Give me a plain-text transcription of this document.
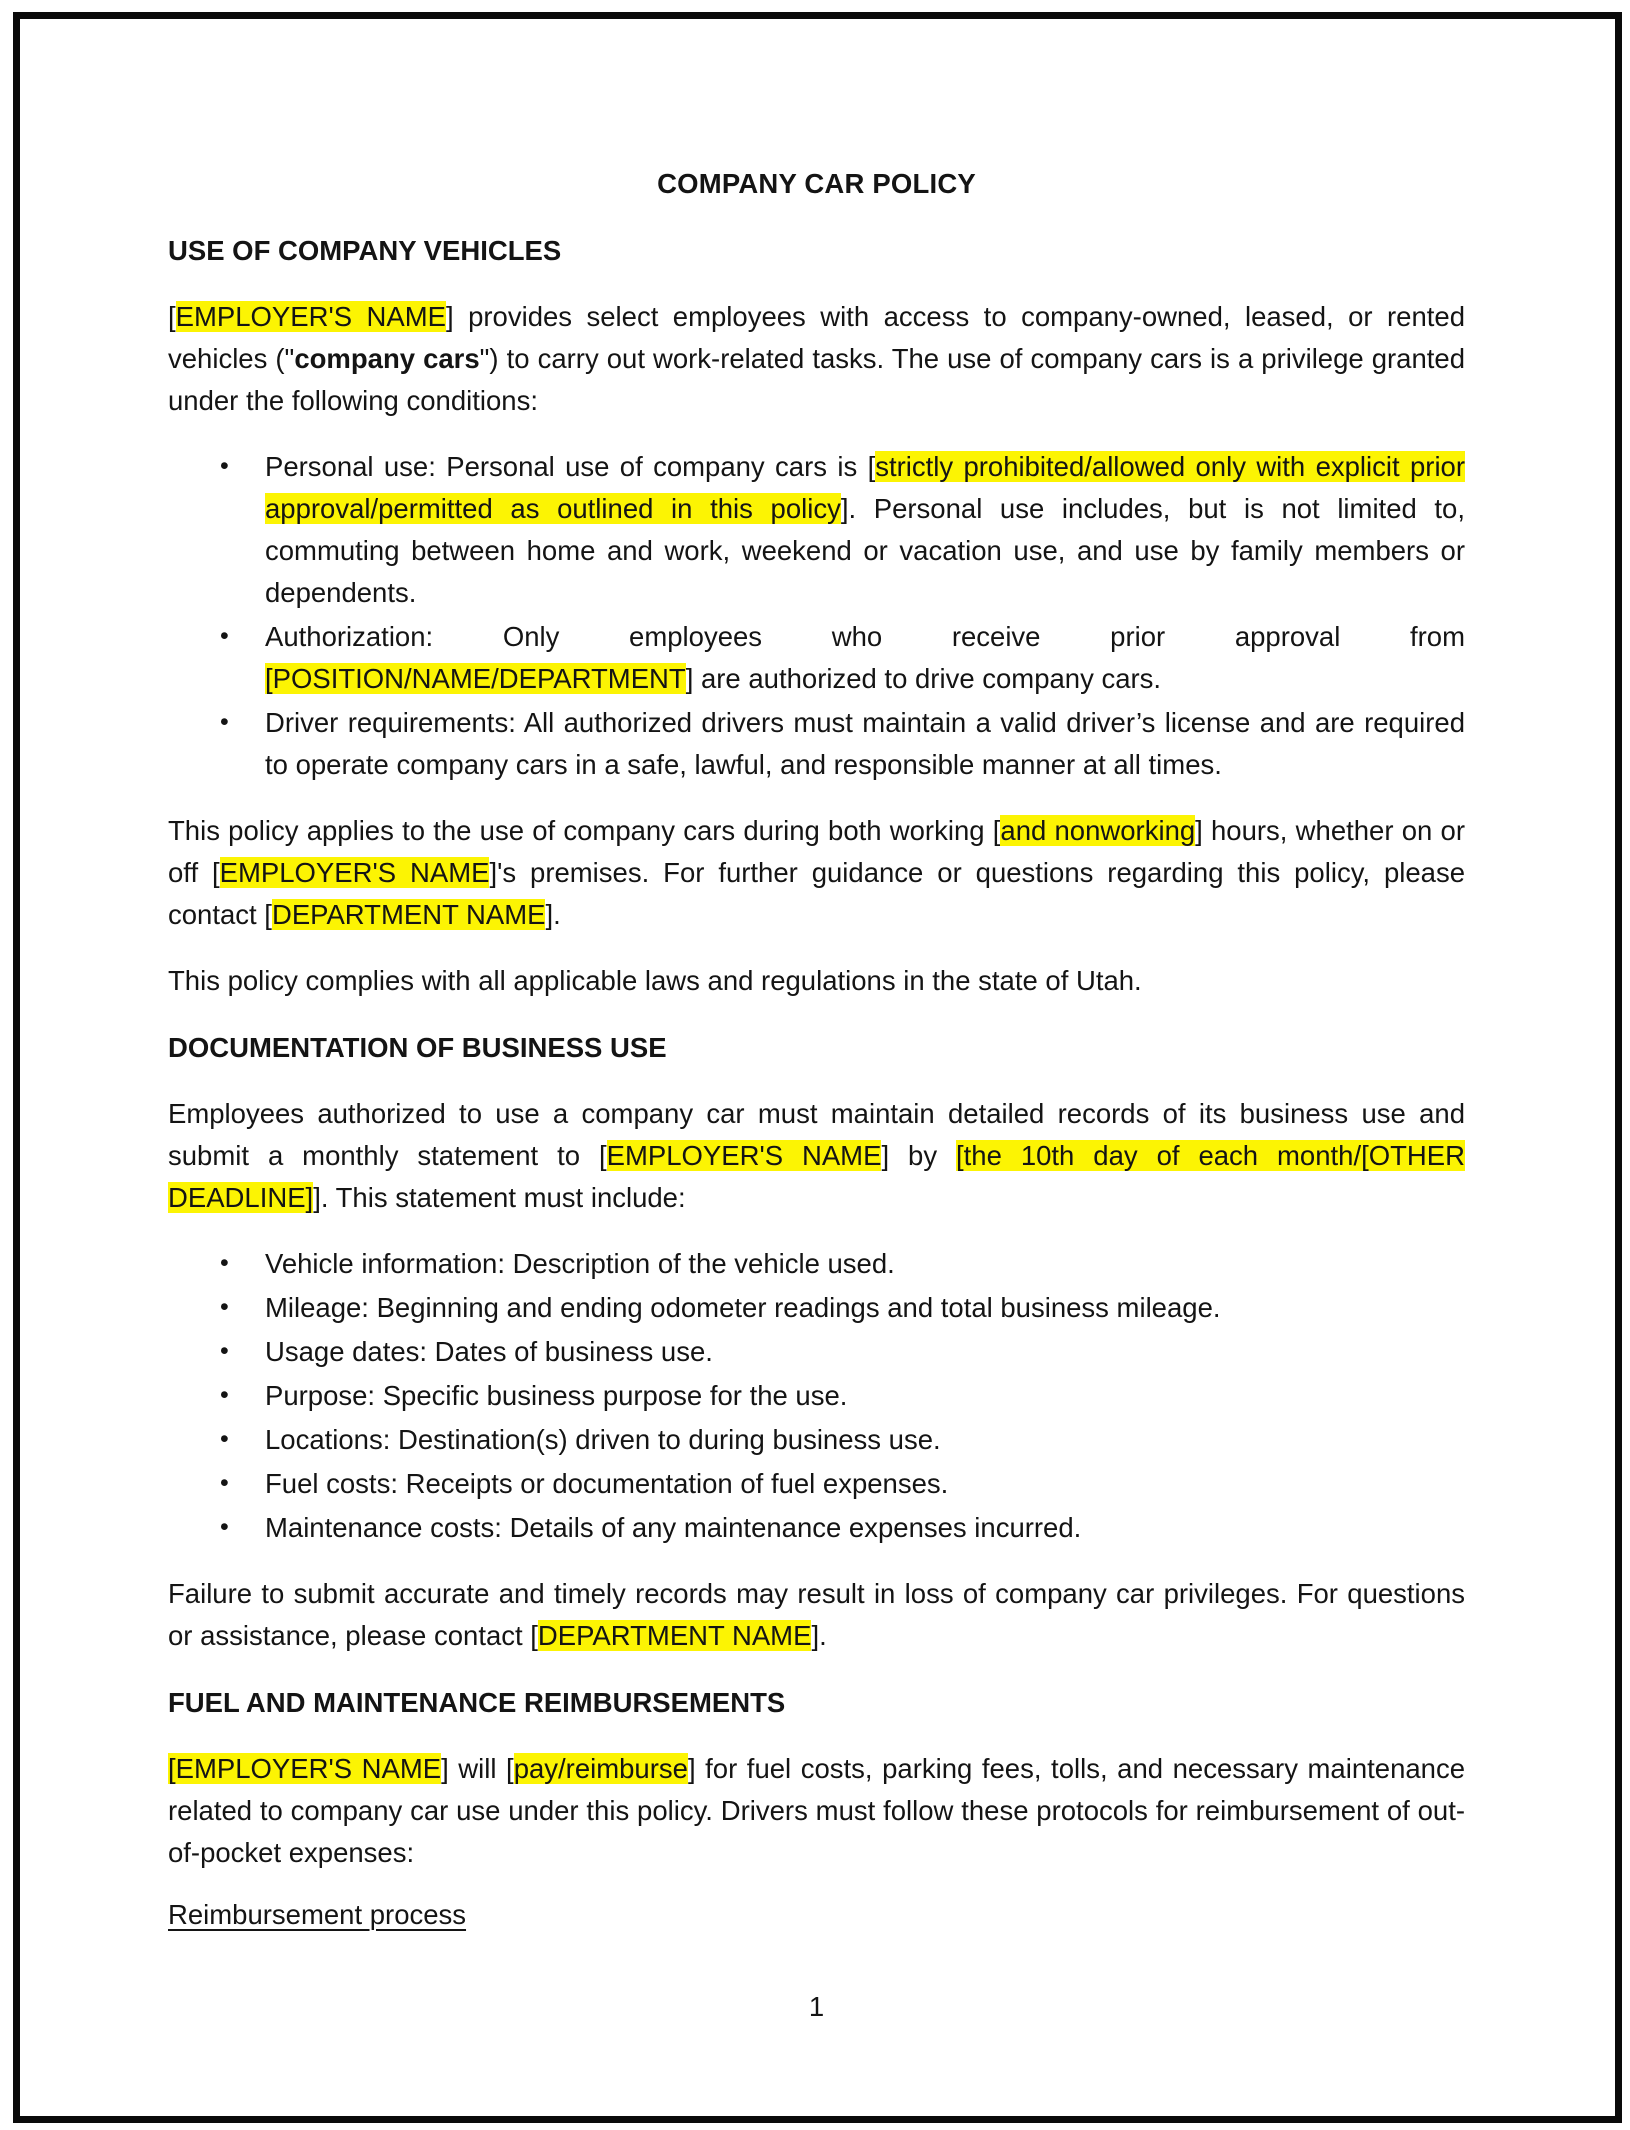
COMPANY CAR POLICY
USE OF COMPANY VEHICLES

[EMPLOYER'S NAME] provides select employees with access to company-owned, leased, or rented vehicles ("company cars") to carry out work-related tasks. The use of company cars is a privilege granted under the following conditions:

• Personal use: Personal use of company cars is [strictly prohibited/allowed only with explicit prior approval/permitted as outlined in this policy]. Personal use includes, but is not limited to, commuting between home and work, weekend or vacation use, and use by family members or dependents.
• Authorization: Only employees who receive prior approval from [POSITION/NAME/DEPARTMENT] are authorized to drive company cars.
• Driver requirements: All authorized drivers must maintain a valid driver’s license and are required to operate company cars in a safe, lawful, and responsible manner at all times.

This policy applies to the use of company cars during both working [and nonworking] hours, whether on or off [EMPLOYER'S NAME]'s premises. For further guidance or questions regarding this policy, please contact [DEPARTMENT NAME].

This policy complies with all applicable laws and regulations in the state of Utah.

DOCUMENTATION OF BUSINESS USE

Employees authorized to use a company car must maintain detailed records of its business use and submit a monthly statement to [EMPLOYER'S NAME] by [the 10th day of each month/[OTHER DEADLINE]]. This statement must include:

• Vehicle information: Description of the vehicle used.
• Mileage: Beginning and ending odometer readings and total business mileage.
• Usage dates: Dates of business use.
• Purpose: Specific business purpose for the use.
• Locations: Destination(s) driven to during business use.
• Fuel costs: Receipts or documentation of fuel expenses.
• Maintenance costs: Details of any maintenance expenses incurred.

Failure to submit accurate and timely records may result in loss of company car privileges. For questions or assistance, please contact [DEPARTMENT NAME].

FUEL AND MAINTENANCE REIMBURSEMENTS

[EMPLOYER'S NAME] will [pay/reimburse] for fuel costs, parking fees, tolls, and necessary maintenance related to company car use under this policy. Drivers must follow these protocols for reimbursement of out-of-pocket expenses:

Reimbursement process

1
